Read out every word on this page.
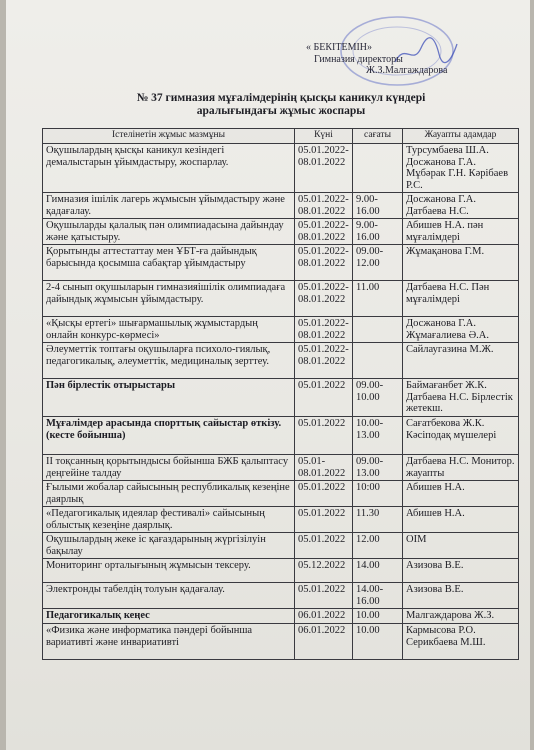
« БЕКІТЕМІН»
Гимназия директоры
Ж.З.Малгаждарова
№ 37 гимназия мұғалімдерінің қысқы каникул күндері
аралығындағы жұмыс жоспары
Істелінетін жұмыс мазмұны	Күні	сағаты	Жауапты адамдар
Оқушылардың қысқы каникул кезіндегі демалыстарын ұйымдастыру, жоспарлау.	05.01.2022-08.01.2022		Турсумбаева Ш.А. Досжанова Г.А. Мұбәрак Г.Н. Кәрібаев Р.С.
Гимназия ішілік лагерь жұмысын ұйымдастыру және қадағалау.	05.01.2022-08.01.2022	9.00-16.00	Досжанова Г.А. Датбаева Н.С.
Оқушыларды қалалық пән олимпиадасына дайындау және қатыстыру.	05.01.2022-08.01.2022	9.00-16.00	Абишев Н.А. пән мұғалімдері
Қорытынды аттестаттау мен ҰБТ-ға дайындық барысында қосымша сабақтар ұйымдастыру	05.01.2022-08.01.2022	09.00-12.00	Жұмақанова Г.М.
2-4 сынып оқушыларын гимназияішілік олимпиадаға дайындық жұмысын ұйымдастыру.	05.01.2022-08.01.2022	11.00	Датбаева Н.С. Пән мұғалімдері
«Қысқы ертегі» шығармашылық жұмыстардың онлайн конкурс-көрмесі»	05.01.2022-08.01.2022		Досжанова Г.А. Жұмағалиева Ә.А.
Әлеуметтік топтағы оқушыларға психоло-гиялық, педагогикалық, әлеуметтік, медициналық зерттеу.	05.01.2022-08.01.2022		Сайлаугазина М.Ж.
Пән бірлестік отырыстары	05.01.2022	09.00-10.00	Баймағанбет Ж.К. Датбаева Н.С. Бірлестік жетекш.
Мұғалімдер арасында спорттық сайыстар өткізу. (кесте бойынша)	05.01.2022	10.00-13.00	Сағатбекова Ж.К. Кәсіподақ мүшелері
ІІ тоқсанның қорытындысы бойынша БЖБ қалыптасу деңгейіне талдау	05.01-08.01.2022	09.00-13.00	Датбаева Н.С. Монитор. жауапты
Ғылыми жобалар сайысының республикалық кезеңіне даярлық	05.01.2022	10:00	Абишев Н.А.
«Педагогикалық идеялар фестивалі» сайысының облыстық кезеңіне даярлық.	05.01.2022	11.30	Абишев Н.А.
Оқушылардың жеке іс қағаздарының жүргізілуін бақылау	05.01.2022	12.00	ОІМ
Мониторинг орталығының жұмысын тексеру.	05.12.2022	14.00	Азизова В.Е.
Электронды табелдің толуын қадағалау.	05.01.2022	14.00-16.00	Азизова В.Е.
Педагогикалық кеңес	06.01.2022	10.00	Малгаждарова Ж.З.
«Физика және информатика пәндері бойынша вариативті және инвариативті	06.01.2022	10.00	Кармысова Р.О. Серикбаева М.Ш.
